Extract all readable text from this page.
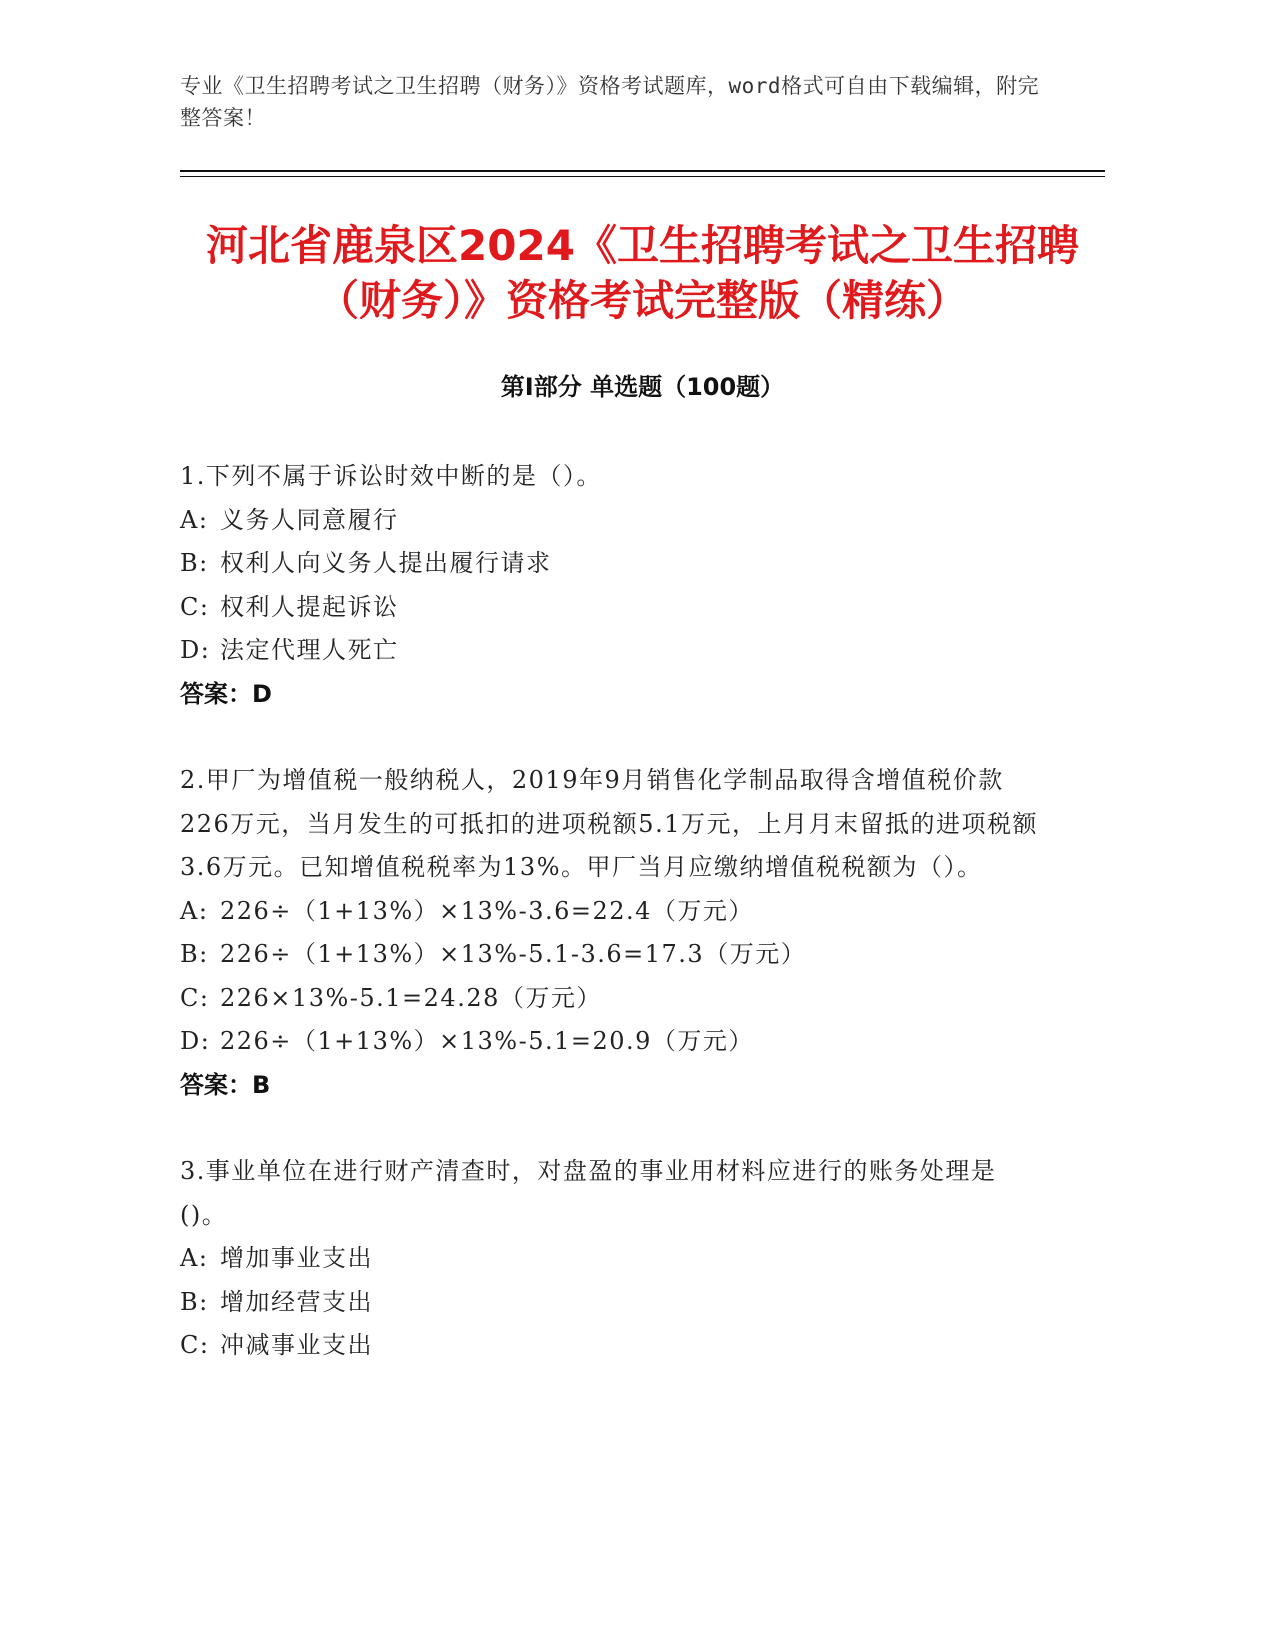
专业《卫生招聘考试之卫生招聘（财务）》资格考试题库，word格式可自由下载编辑，附完整答案！
河北省鹿泉区2024《卫生招聘考试之卫生招聘（财务）》资格考试完整版（精练）
第I部分 单选题（100题）

1.下列不属于诉讼时效中断的是（）。

A: 义务人同意履行

B: 权利人向义务人提出履行请求

C: 权利人提起诉讼

D: 法定代理人死亡

答案：D

2.甲厂为增值税一般纳税人，2019年9月销售化学制品取得含增值税价款226万元，当月发生的可抵扣的进项税额5.1万元，上月月末留抵的进项税额3.6万元。已知增值税税率为13%。甲厂当月应缴纳增值税税额为（）。

A: 226÷（1+13%）×13%-3.6=22.4（万元）

B: 226÷（1+13%）×13%-5.1-3.6=17.3（万元）

C: 226×13%-5.1=24.28（万元）

D: 226÷（1+13%）×13%-5.1=20.9（万元）

答案：B

3.事业单位在进行财产清查时，对盘盈的事业用材料应进行的账务处理是()。

A: 增加事业支出

B: 增加经营支出

C: 冲减事业支出
